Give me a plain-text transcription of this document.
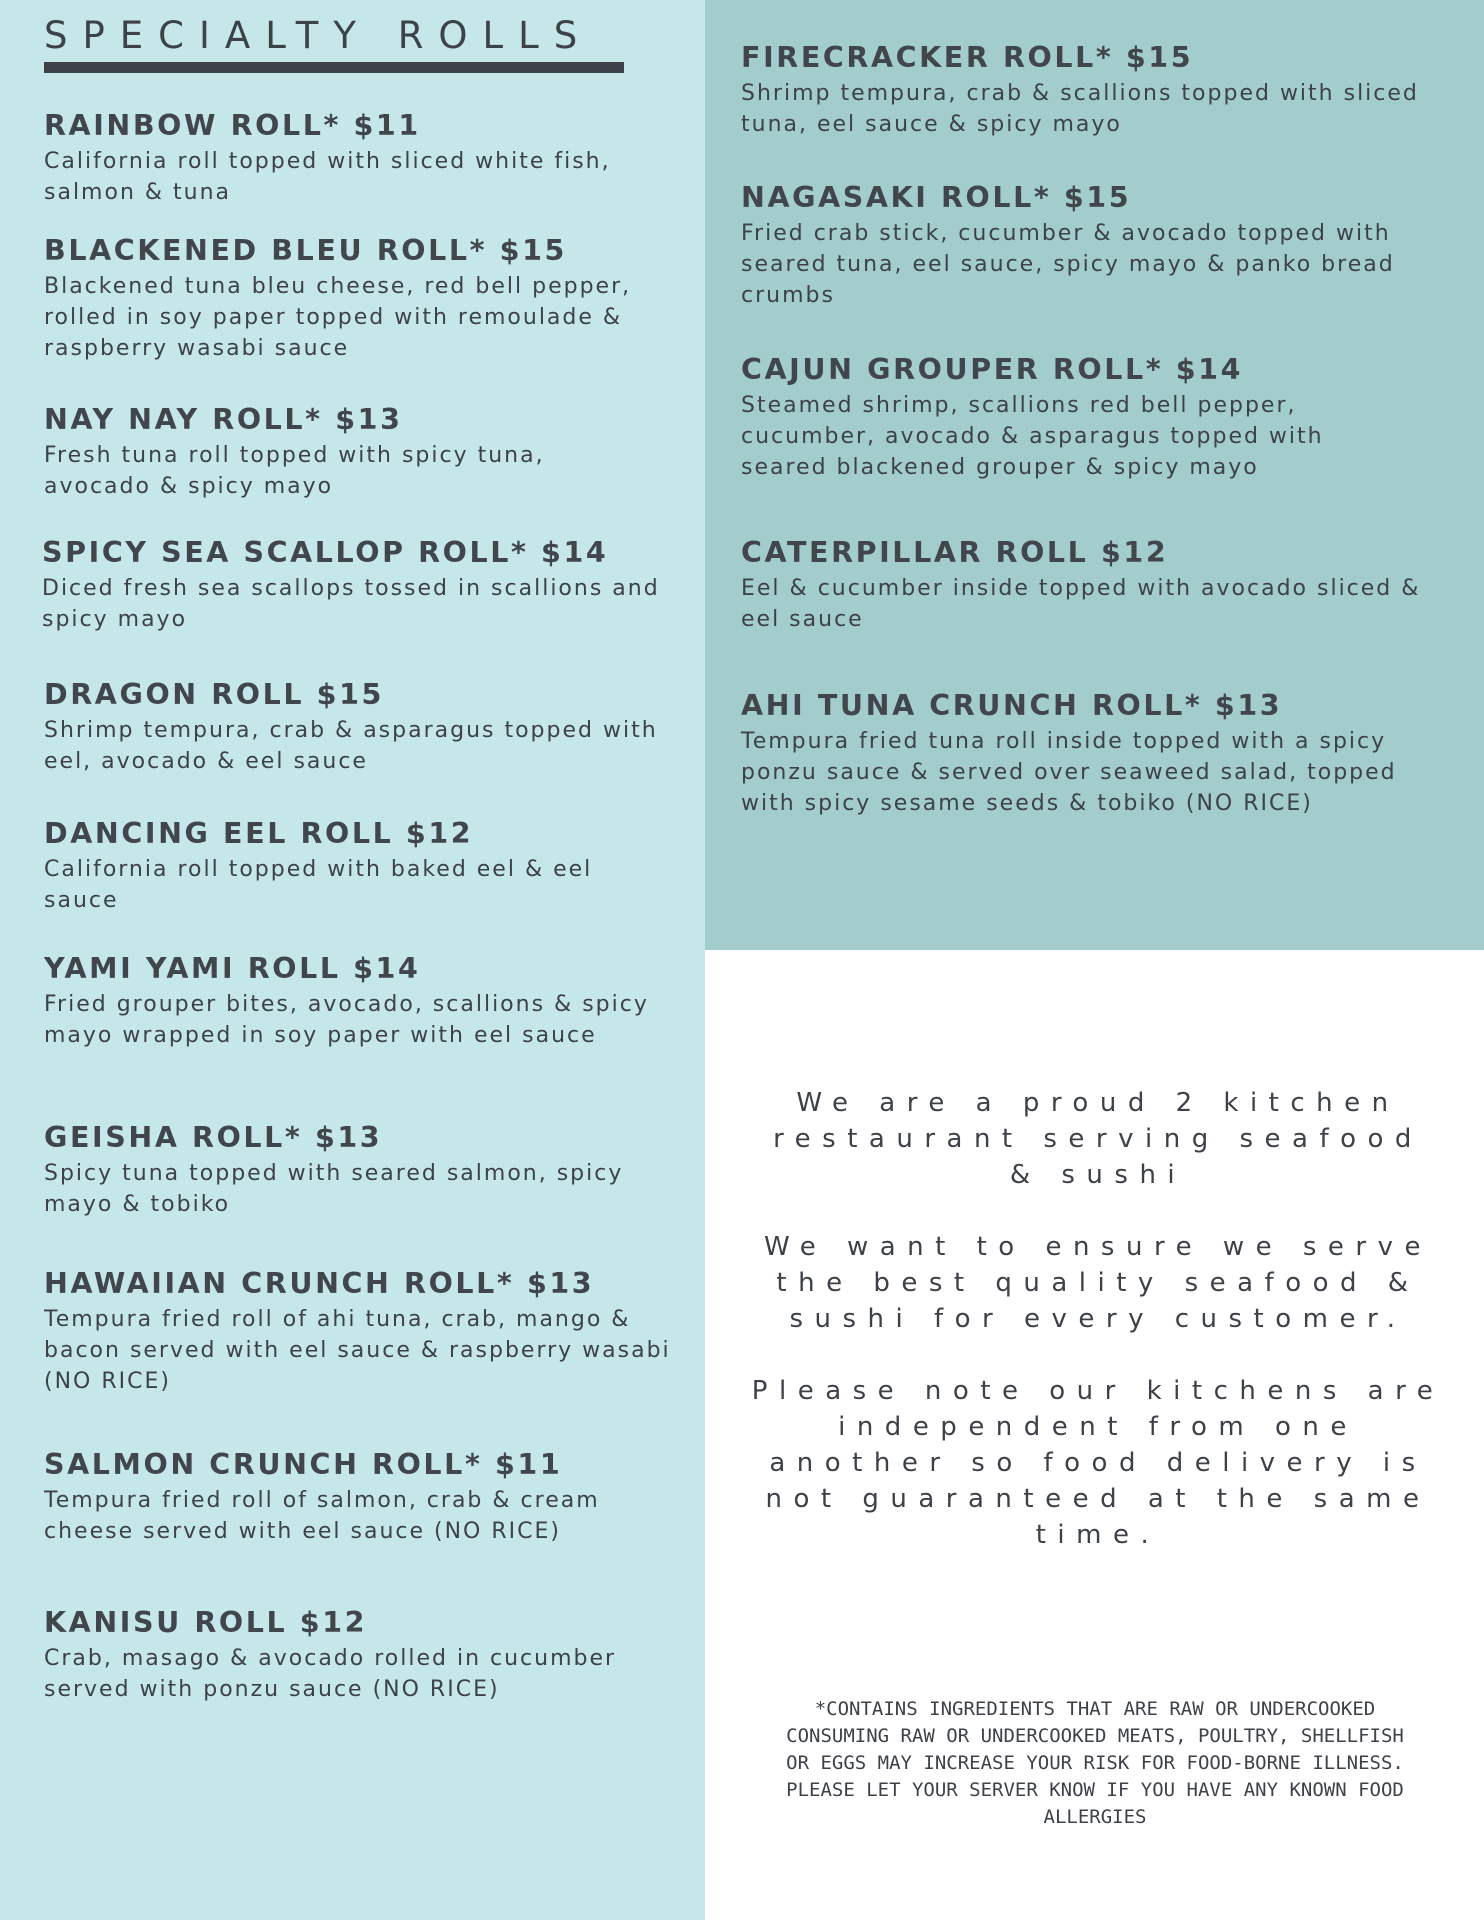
SPECIALTY ROLLS
RAINBOW ROLL* $11
California roll topped with sliced white fish, salmon & tuna
BLACKENED BLEU ROLL* $15
Blackened tuna bleu cheese, red bell pepper, rolled in soy paper topped with remoulade & raspberry wasabi sauce
NAY NAY ROLL* $13
Fresh tuna roll topped with spicy tuna, avocado & spicy mayo
SPICY SEA SCALLOP ROLL* $14
Diced fresh sea scallops tossed in scallions and spicy mayo
DRAGON ROLL $15
Shrimp tempura, crab & asparagus topped with eel, avocado & eel sauce
DANCING EEL ROLL $12
California roll topped with baked eel & eel sauce
YAMI YAMI ROLL $14
Fried grouper bites, avocado, scallions & spicy mayo wrapped in soy paper with eel sauce
GEISHA ROLL* $13
Spicy tuna topped with seared salmon, spicy mayo & tobiko
HAWAIIAN CRUNCH ROLL* $13
Tempura fried roll of ahi tuna, crab, mango & bacon served with eel sauce & raspberry wasabi (NO RICE)
SALMON CRUNCH ROLL* $11
Tempura fried roll of salmon, crab & cream cheese served with eel sauce (NO RICE)
KANISU ROLL $12
Crab, masago & avocado rolled in cucumber served with ponzu sauce (NO RICE)
FIRECRACKER ROLL* $15
Shrimp tempura, crab & scallions topped with sliced tuna, eel sauce & spicy mayo
NAGASAKI ROLL* $15
Fried crab stick, cucumber & avocado topped with seared tuna, eel sauce, spicy mayo & panko bread crumbs
CAJUN GROUPER ROLL* $14
Steamed shrimp, scallions red bell pepper, cucumber, avocado & asparagus topped with seared blackened grouper & spicy mayo
CATERPILLAR ROLL $12
Eel & cucumber inside topped with avocado sliced & eel sauce
AHI TUNA CRUNCH ROLL* $13
Tempura fried tuna roll inside topped with a spicy ponzu sauce & served over seaweed salad, topped with spicy sesame seeds & tobiko (NO RICE)

We are a proud 2 kitchen restaurant serving seafood & sushi

We want to ensure we serve the best quality seafood & sushi for every customer.

Please note our kitchens are independent from one another so food delivery is not guaranteed at the same time.

*CONTAINS INGREDIENTS THAT ARE RAW OR UNDERCOOKED CONSUMING RAW OR UNDERCOOKED MEATS, POULTRY, SHELLFISH OR EGGS MAY INCREASE YOUR RISK FOR FOOD-BORNE ILLNESS. PLEASE LET YOUR SERVER KNOW IF YOU HAVE ANY KNOWN FOOD ALLERGIES
